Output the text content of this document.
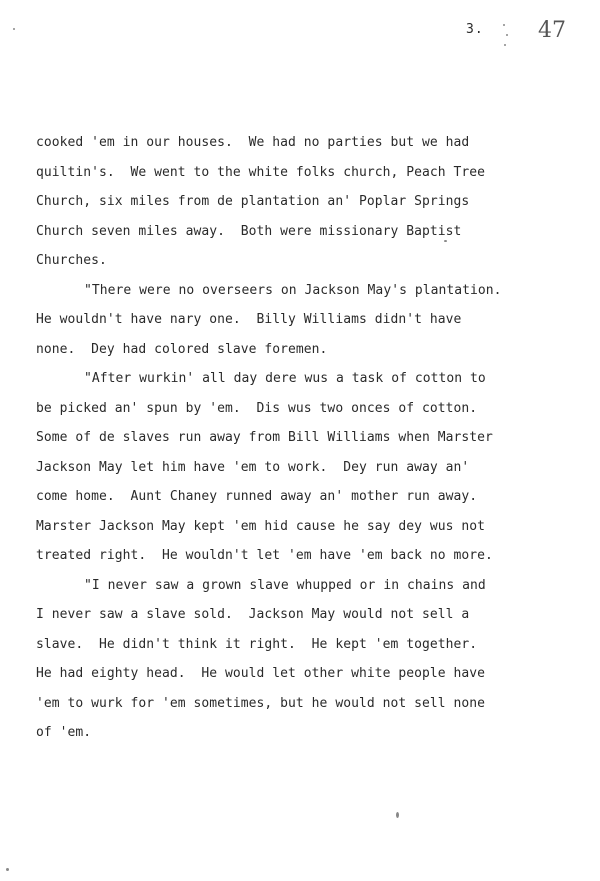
3. 47
cooked 'em in our houses.  We had no parties but we had
quiltin's.  We went to the white folks church, Peach Tree
Church, six miles from de plantation an' Poplar Springs
Church seven miles away.  Both were missionary Baptist
Churches.
"There were no overseers on Jackson May's plantation.
He wouldn't have nary one.  Billy Williams didn't have
none.  Dey had colored slave foremen.
"After wurkin' all day dere wus a task of cotton to
be picked an' spun by 'em.  Dis wus two onces of cotton.
Some of de slaves run away from Bill Williams when Marster
Jackson May let him have 'em to work.  Dey run away an'
come home.  Aunt Chaney runned away an' mother run away.
Marster Jackson May kept 'em hid cause he say dey wus not
treated right.  He wouldn't let 'em have 'em back no more.
"I never saw a grown slave whupped or in chains and
I never saw a slave sold.  Jackson May would not sell a
slave.  He didn't think it right.  He kept 'em together.
He had eighty head.  He would let other white people have
'em to wurk for 'em sometimes, but he would not sell none
of 'em.
